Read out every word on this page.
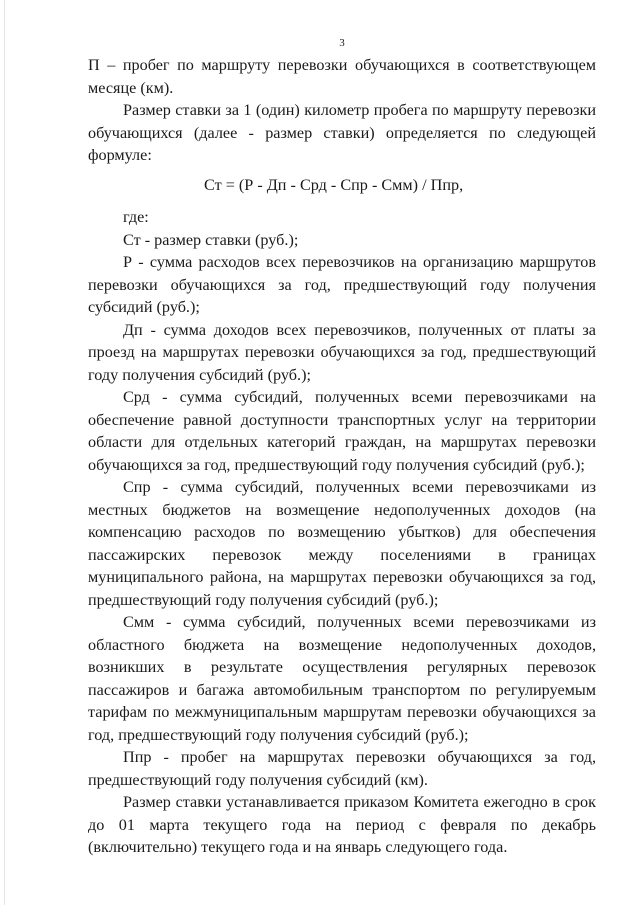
3

П – пробег по маршруту перевозки обучающихся в соответствующем месяце (км).

Размер ставки за 1 (один) километр пробега по маршруту перевозки обучающихся (далее - размер ставки) определяется по следующей формуле:

Ст = (Р - Дп - Срд - Спр - Смм) / Ппр,

где:

Ст - размер ставки (руб.);

Р - сумма расходов всех перевозчиков на организацию маршрутов перевозки обучающихся за год, предшествующий году получения субсидий (руб.);

Дп - сумма доходов всех перевозчиков, полученных от платы за проезд на маршрутах перевозки обучающихся за год, предшествующий году получения субсидий (руб.);

Срд - сумма субсидий, полученных всеми перевозчиками на обеспечение равной доступности транспортных услуг на территории области для отдельных категорий граждан, на маршрутах перевозки обучающихся за год, предшествующий году получения субсидий (руб.);

Спр - сумма субсидий, полученных всеми перевозчиками из местных бюджетов на возмещение недополученных доходов (на компенсацию расходов по возмещению убытков) для обеспечения пассажирских перевозок между поселениями в границах муниципального района, на маршрутах перевозки обучающихся за год, предшествующий году получения субсидий (руб.);

Смм - сумма субсидий, полученных всеми перевозчиками из областного бюджета на возмещение недополученных доходов, возникших в результате осуществления регулярных перевозок пассажиров и багажа автомобильным транспортом по регулируемым тарифам по межмуниципальным маршрутам перевозки обучающихся за год, предшествующий году получения субсидий (руб.);

Ппр - пробег на маршрутах перевозки обучающихся за год, предшествующий году получения субсидий (км).

Размер ставки устанавливается приказом Комитета ежегодно в срок до 01 марта текущего года на период с февраля по декабрь (включительно) текущего года и на январь следующего года.
